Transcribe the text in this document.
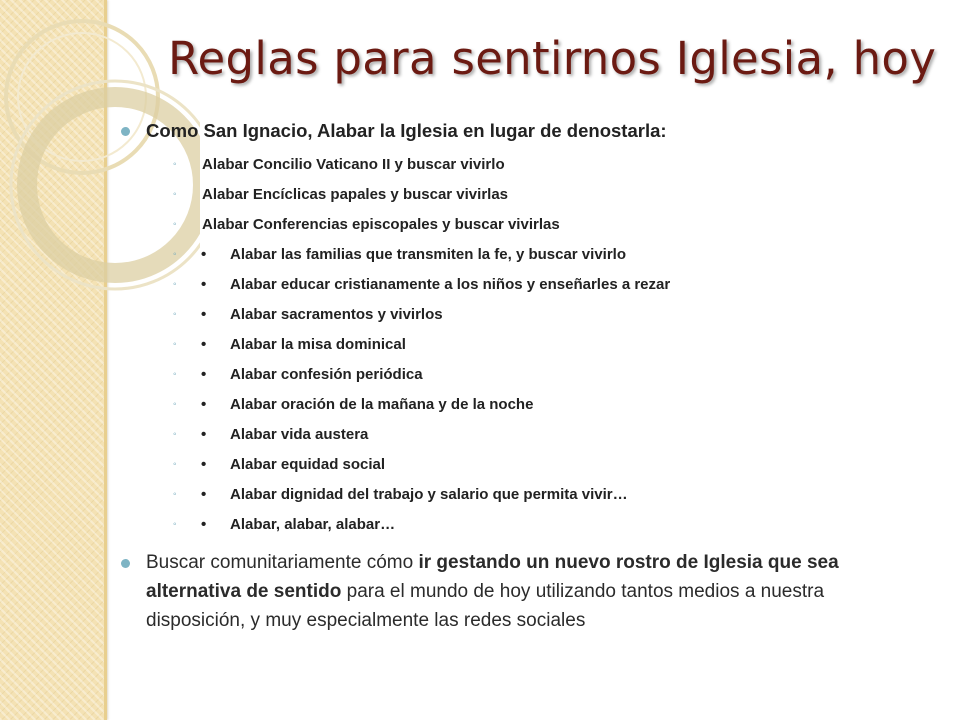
Reglas para sentirnos Iglesia, hoy
Como San Ignacio, Alabar la Iglesia en lugar de denostarla:
◦ Alabar Concilio Vaticano II y buscar vivirlo
◦ Alabar Encíclicas papales y buscar vivirlas
◦ Alabar Conferencias episcopales y buscar vivirlas
◦ • Alabar las familias que transmiten la fe, y buscar vivirlo
◦ • Alabar educar cristianamente a los niños y enseñarles a rezar
◦ • Alabar sacramentos y vivirlos
◦ • Alabar la misa dominical
◦ • Alabar confesión periódica
◦ • Alabar oración de la mañana y de la noche
◦ • Alabar vida austera
◦ • Alabar equidad social
◦ • Alabar dignidad del trabajo y salario que permita vivir…
◦ • Alabar, alabar, alabar…
Buscar comunitariamente cómo ir gestando un nuevo rostro de Iglesia que sea alternativa de sentido para el mundo de hoy utilizando tantos medios a nuestra disposición, y muy especialmente las redes sociales
